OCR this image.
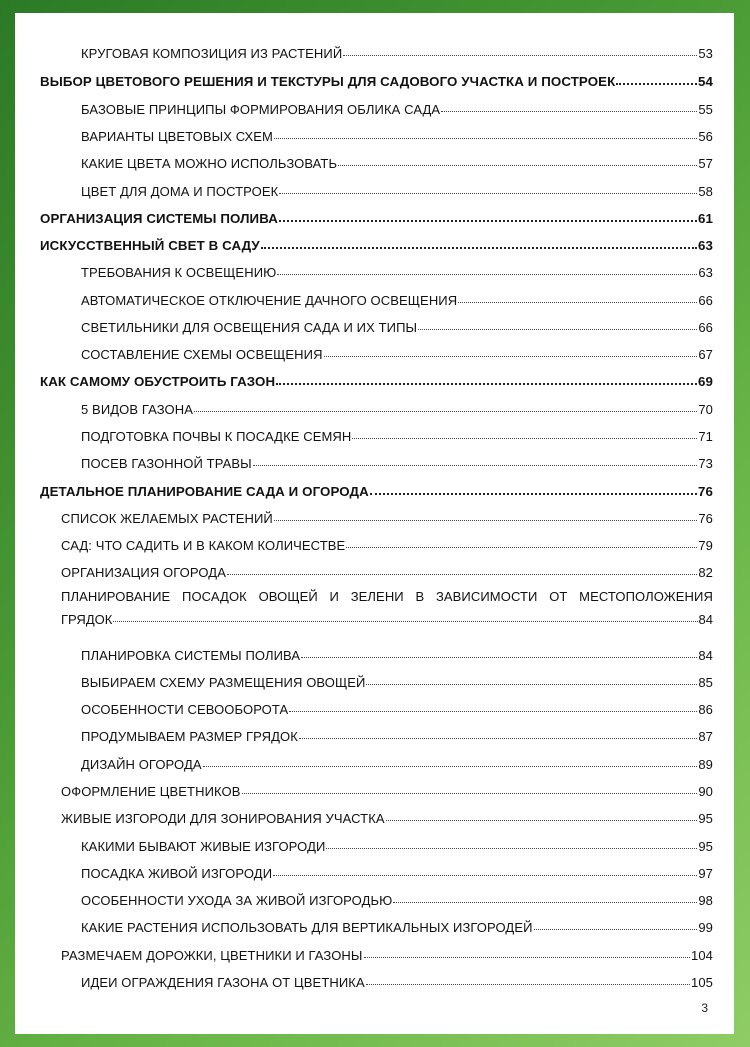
КРУГОВАЯ КОМПОЗИЦИЯ ИЗ РАСТЕНИЙ	53
ВЫБОР ЦВЕТОВОГО РЕШЕНИЯ И ТЕКСТУРЫ ДЛЯ САДОВОГО УЧАСТКА И ПОСТРОЕК	54
БАЗОВЫЕ ПРИНЦИПЫ ФОРМИРОВАНИЯ ОБЛИКА САДА	55
ВАРИАНТЫ ЦВЕТОВЫХ СХЕМ	56
КАКИЕ ЦВЕТА МОЖНО ИСПОЛЬЗОВАТЬ	57
ЦВЕТ ДЛЯ ДОМА И ПОСТРОЕК	58
ОРГАНИЗАЦИЯ СИСТЕМЫ ПОЛИВА	61
ИСКУССТВЕННЫЙ СВЕТ В САДУ	63
ТРЕБОВАНИЯ К ОСВЕЩЕНИЮ	63
АВТОМАТИЧЕСКОЕ ОТКЛЮЧЕНИЕ ДАЧНОГО ОСВЕЩЕНИЯ	66
СВЕТИЛЬНИКИ ДЛЯ ОСВЕЩЕНИЯ САДА И ИХ ТИПЫ	66
СОСТАВЛЕНИЕ СХЕМЫ ОСВЕЩЕНИЯ	67
КАК САМОМУ ОБУСТРОИТЬ ГАЗОН	69
5 ВИДОВ ГАЗОНА	70
ПОДГОТОВКА ПОЧВЫ К ПОСАДКЕ СЕМЯН	71
ПОСЕВ ГАЗОННОЙ ТРАВЫ	73
ДЕТАЛЬНОЕ ПЛАНИРОВАНИЕ САДА И ОГОРОДА	76
СПИСОК ЖЕЛАЕМЫХ РАСТЕНИЙ	76
САД: ЧТО САДИТЬ И В КАКОМ КОЛИЧЕСТВЕ	79
ОРГАНИЗАЦИЯ ОГОРОДА	82
ПЛАНИРОВАНИЕ ПОСАДОК ОВОЩЕЙ И ЗЕЛЕНИ В ЗАВИСИМОСТИ ОТ МЕСТОПОЛОЖЕНИЯ
ГРЯДОК	84
ПЛАНИРОВКА СИСТЕМЫ ПОЛИВА	84
ВЫБИРАЕМ СХЕМУ РАЗМЕЩЕНИЯ ОВОЩЕЙ	85
ОСОБЕННОСТИ СЕВООБОРОТА	86
ПРОДУМЫВАЕМ РАЗМЕР ГРЯДОК	87
ДИЗАЙН ОГОРОДА	89
ОФОРМЛЕНИЕ ЦВЕТНИКОВ	90
ЖИВЫЕ ИЗГОРОДИ ДЛЯ ЗОНИРОВАНИЯ УЧАСТКА	95
КАКИМИ БЫВАЮТ ЖИВЫЕ ИЗГОРОДИ	95
ПОСАДКА ЖИВОЙ ИЗГОРОДИ	97
ОСОБЕННОСТИ УХОДА ЗА ЖИВОЙ ИЗГОРОДЬЮ	98
КАКИЕ РАСТЕНИЯ ИСПОЛЬЗОВАТЬ ДЛЯ ВЕРТИКАЛЬНЫХ ИЗГОРОДЕЙ	99
РАЗМЕЧАЕМ ДОРОЖКИ, ЦВЕТНИКИ И ГАЗОНЫ	104
ИДЕИ ОГРАЖДЕНИЯ ГАЗОНА ОТ ЦВЕТНИКА	105
3
